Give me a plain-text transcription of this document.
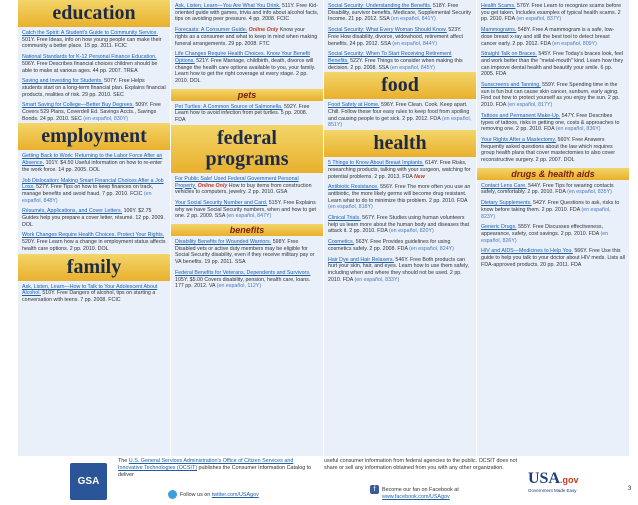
education
Catch the Spirit: A Student's Guide to Community Service. 501Y. Free Ideas, info on how young people can make their community a better place. 15 pp. 2011. FCIC
National Standards for K-12 Personal Finance Education. 506Y. Free Describes financial choices children should be able to make at various ages. 44 pp. 2007. TREA
Saving and Investing for Students. 507Y. Free Helps students start on a long-term financial plan. Explains financial products, realities of risk. 29 pp. 2010. SEC
Smart Saving for College—Better Buy Degrees. 509Y. Free Covers 529 Plans, Coverdell Ed. Savings Accts., Savings Bonds. 24 pp. 2010. SEC (en español, 830Y)
employment
Getting Back to Work: Returning to the Labor Force After an Absence. 101Y. $4.50 Useful information on how to re-enter the work force. 14 pp. 2005. DOL
Job Dislocation: Making Smart Financial Choices After a Job Loss. 527Y. Free Tips on how to keep finances on track, manage benefits and avoid fraud. 7 pp. 2010. FCIC (en español, 848Y)
Résumés, Applications, and Cover Letters. 106Y. $2.75 Guides help you prepare a cover letter, résumé. 12 pp. 2009. DOL
Work Changes Require Health Choices. Protect Your Rights. 520Y. Free Learn how a change in employment status affects health care options. 2 pp. 2010. DOL
family
Ask, Listen, Learn—How to Talk to Your Adolescent About Alcohol. 510Y. Free Dangers of alcohol, tips on starting a conversation with teens. 7 pp. 2008. FCIC
Ask, Listen, Learn—You Are What You Drink. 511Y. Free Kid-oriented guide with games, trivia and info about alcohol facts, tips on avoiding peer pressure. 4 pp. 2008. FCIC
Forecasts: A Consumer Guide. Online Only Know your rights as a consumer and what to keep in mind when making funeral arrangements. 29 pp. 2008. FTC
Life Changes Require Health Choices. Know Your Benefit Options. 521Y. Free Marriage, childbirth, death, divorce will change the health care options available to you, your family. Learn how to get the right coverage at every stage. 2 pp. 2010. DOL
pets
Pet Turtles: A Common Source of Salmonella. 592Y. Free Learn how to avoid infection from pet turtles. 5 pp. 2008. FDA
federal
programs
For Public Sale! Used Federal Government Personal Property. Online Only How to buy items from construction vehicles to computers, jewelry. 2 pp. 2010. GSA
Your Social Security Number and Card. 515Y. Free Explains why we have Social Security numbers, when and how to get one. 2 pp. 2009. SSA (en español, 847Y)
benefits
Disability Benefits for Wounded Warriors. 598Y. Free Disabled vets or active duty members may be eligible for Social Security disability, even if they receive military pay or VA benefits. 19 pp. 2011. SSA
Federal Benefits for Veterans, Dependents and Survivors. 105Y. $5.00 Covers disability, pension, health care, loans. 177 pp. 2012. VA (en español, 112Y)
Social Security: Understanding the Benefits. 518Y. Free Disability, survivor benefits, Medicare, Supplemental Security Income. 21 pp. 2012. SSA (en español, 841Y)
Social Security: What Every Woman Should Know. 523Y. Free How disability, divorce, widowhood, retirement affect benefits. 24 pp. 2012. SSA (en español, 844Y)
Social Security: When To Start Receiving Retirement Benefits. 522Y. Free Things to consider when making this decision. 2 pp. 2008. SSA (en español, 845Y)
food
Food Safety at Home. 596Y. Free Clean. Cook. Keep apart. Chill. Follow these four easy rules to keep food from spoiling and causing people to get sick. 2 pp. 2012. FDA (en español, 851Y)
health
5 Things to Know About Breast Implants. 614Y. Free Risks, researching products, talking with your surgeon, watching for potential problems. 2 pp. 2013. FDA New
Antibiotic Resistance. 556Y. Free The more often you use an antibiotic, the more likely germs will become drug resistant. Learn what to do to minimize this problem. 2 pp. 2010. FDA (en español, 818Y)
Clinical Trials. 567Y. Free Studies using human volunteers help us learn more about the human body and diseases that attack it. 2 pp. 2010. FDA (en español, 820Y)
Cosmetics. 563Y. Free Provides guidelines for using cosmetics safely. 2 pp. 2008. FDA (en español, 824Y)
Hair Dye and Hair Relaxers. 546Y. Free Both products can hurt your skin, hair, and eyes. Learn how to use them safely, including when and where they should not be used. 2 pp. 2010. FDA (en español, 833Y)
Health Scams. 576Y. Free Learn to recognize scams before you get taken. Includes examples of typical health scams. 2 pp. 2010. FDA (en español, 837Y)
Mammograms. 548Y. Free A mammogram is a safe, low-dose breast x-ray and still the best tool to detect breast cancer early. 2 pp. 2012. FDA (en español, 809Y)
Straight Talk on Braces. 545Y. Free Today's braces look, feel and work better than the "metal-mouth" kind. Learn how they can improve dental health and beautify your smile. 6 pp. 2005. FDA
Sunscreens and Tanning. 559Y. Free Spending time in the sun is fun but can cause skin cancer, sunburn, early aging. Find out how to protect yourself as you enjoy the sun. 2 pp. 2010. FDA (en español, 817Y)
Tattoos and Permanent Make-Up. 547Y. Free Describes types of tattoos, risks in getting one, costs & approaches to removing one. 2 pp. 2010. FDA (en español, 836Y)
Your Rights After a Mastectomy. 560Y. Free Answers frequently asked questions about the law which requires group health plans that cover mastectomies to also cover reconstructive surgery. 2 pp. 2007. DOL
drugs & health aids
Contact Lens Care. 544Y. Free Tips for wearing contacts safely, comfortably. 2 pp. 2010. FDA (en español, 835Y)
Dietary Supplements. 542Y. Free Questions to ask, risks to know before taking them. 2 pp. 2010. FDA (en español, 823Y)
Generic Drugs. 555Y. Free Discusses effectiveness, appearance, safety, cost savings. 2 pp. 2010. FDA (en español, 826Y)
HIV and AIDS—Medicines to Help You. 566Y. Free Use this guide to help you talk to your doctor about HIV meds. Lists all FDA-approved products. 20 pp. 2011. FDA
GSA
The U.S. General Services Administration's Office of Citizen Services and Innovative Technologies (OCSIT) publishes the Consumer Information Catalog to deliver
Follow us on twitter.com/USAgov
useful consumer information from federal agencies to the public. OCSIT does not share or sell any information obtained from you with any other organization.
f Become our fan on Facebook at
www.facebook.com/USAgov
USA.gov
Government Made Easy	3
